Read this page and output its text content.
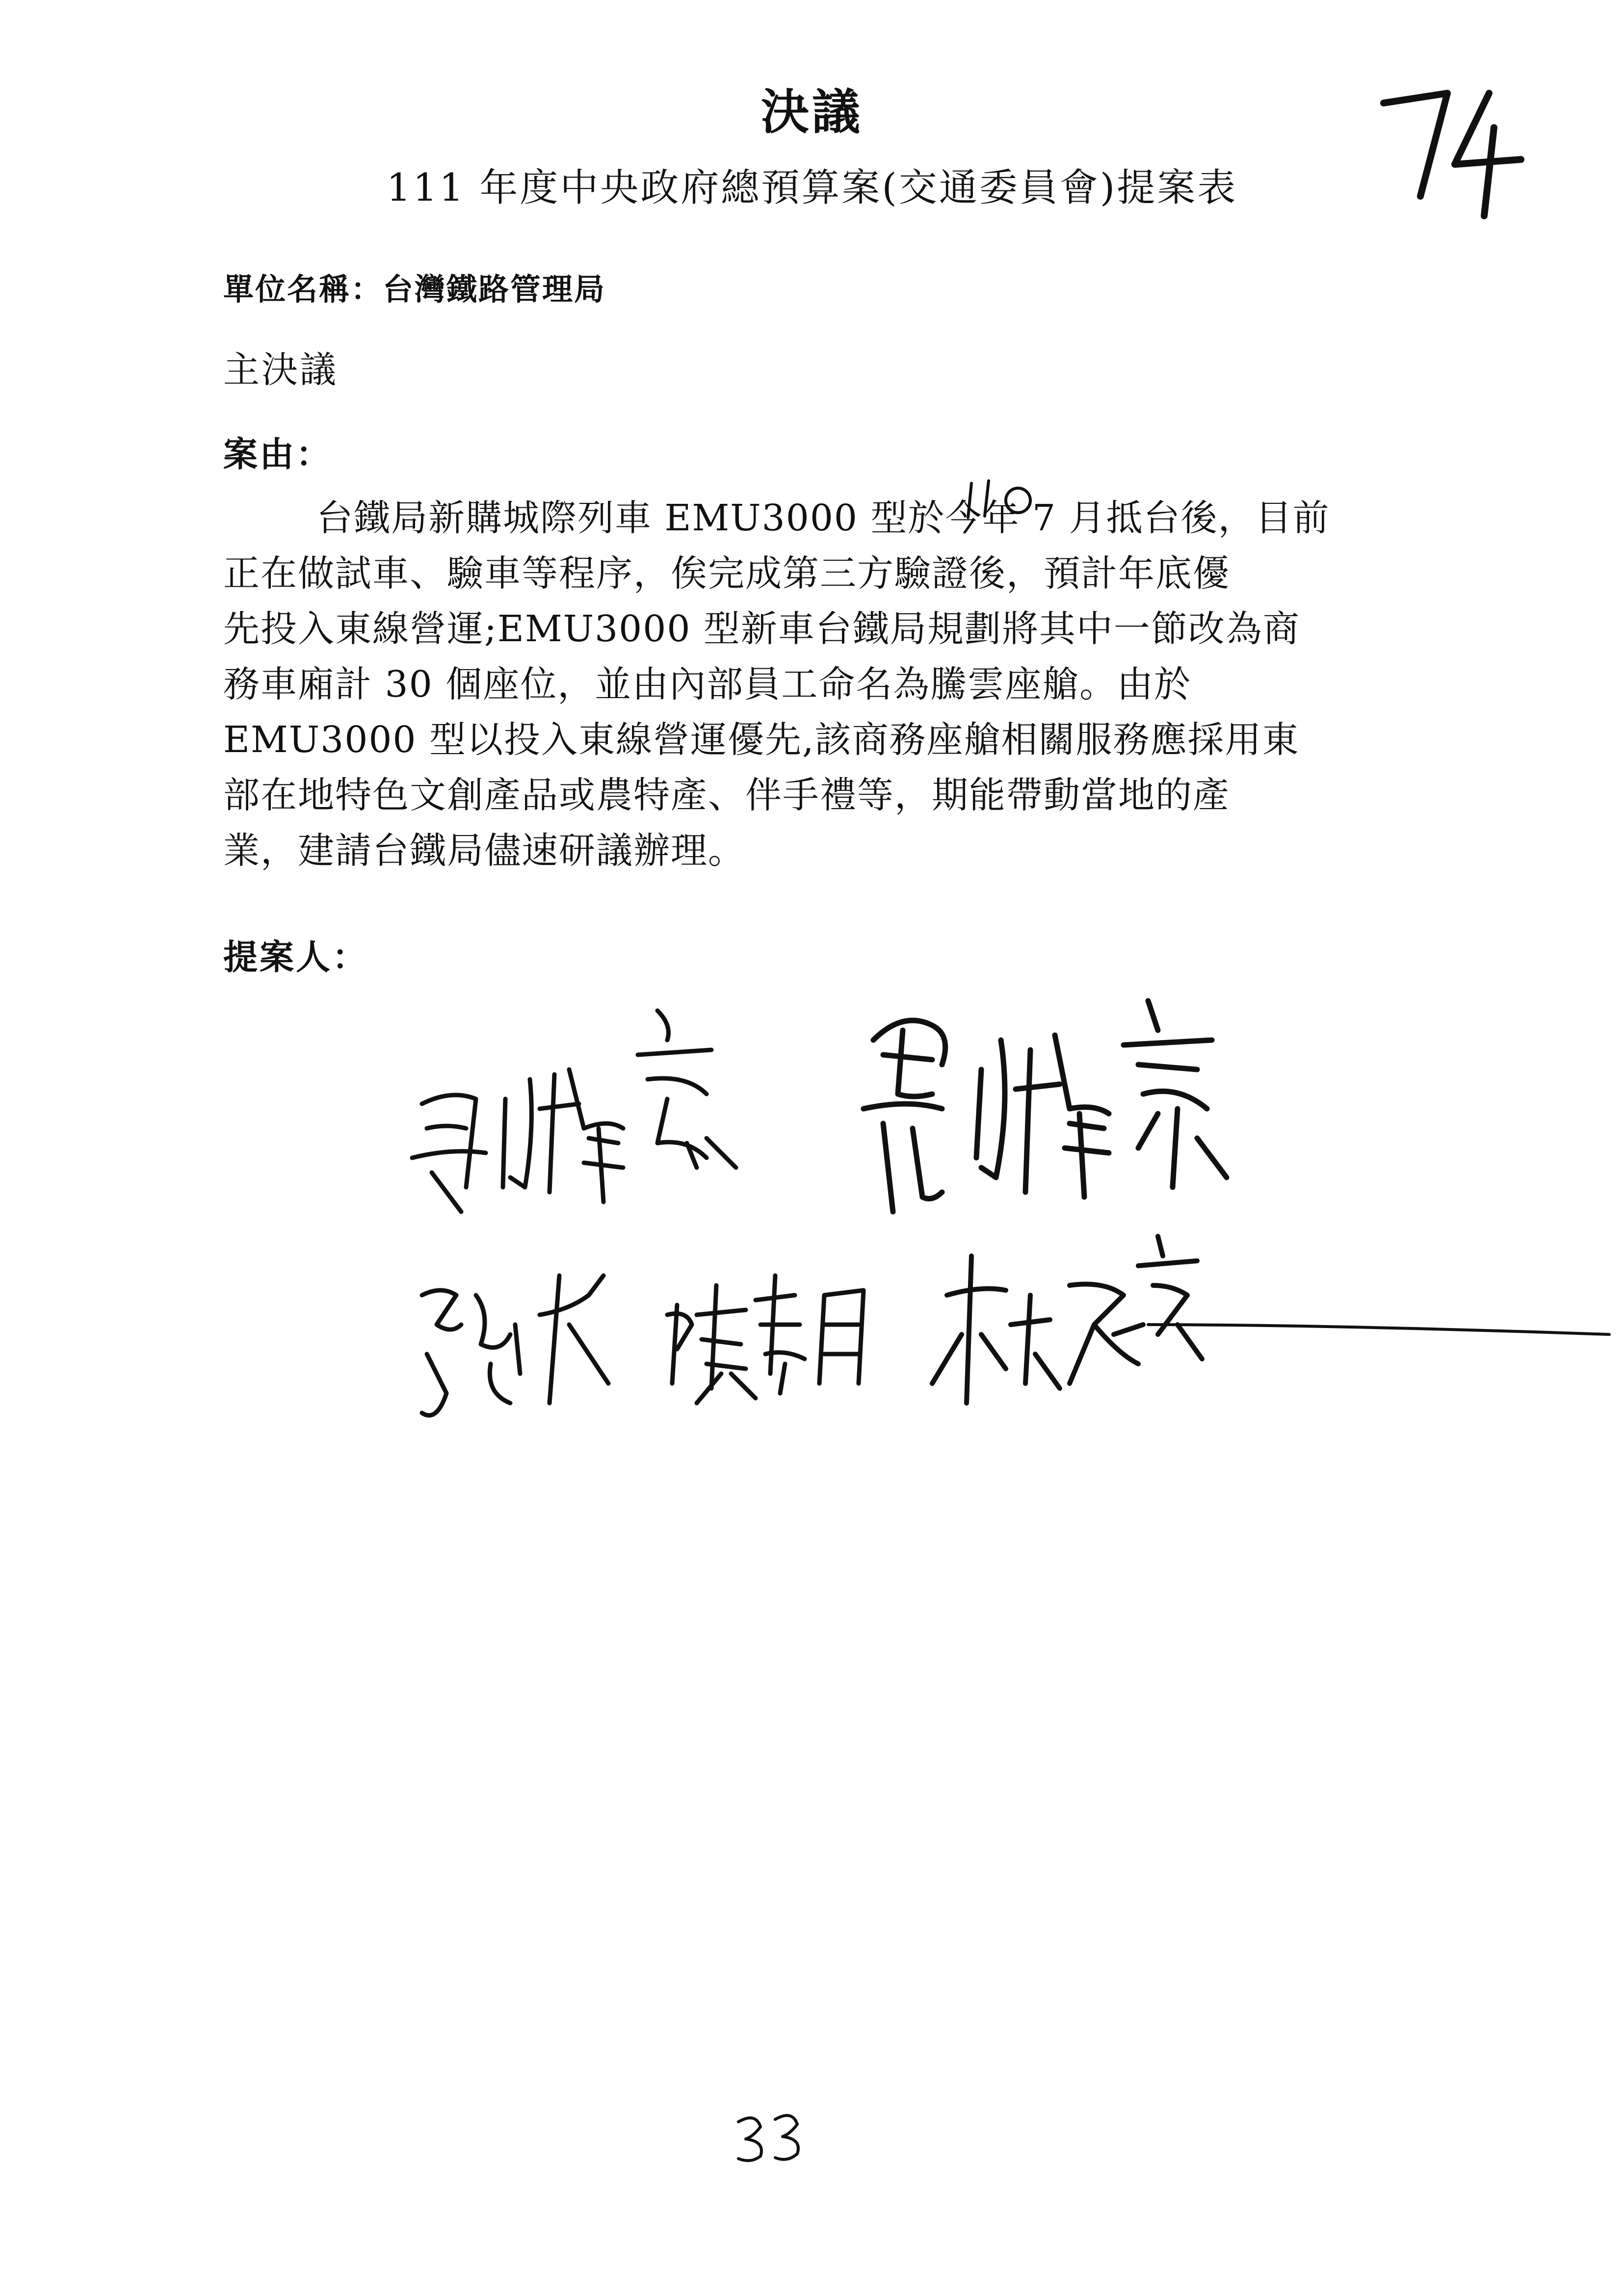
決議
111 年度中央政府總預算案(交通委員會)提案表
單位名稱：台灣鐵路管理局
主決議
案由：
台鐵局新購城際列車 EMU3000 型於今年 7 月抵台後，目前
正在做試車、驗車等程序，俟完成第三方驗證後，預計年底優
先投入東線營運;EMU3000 型新車台鐵局規劃將其中一節改為商
務車廂計 30 個座位，並由內部員工命名為騰雲座艙。由於
EMU3000 型以投入東線營運優先,該商務座艙相關服務應採用東
部在地特色文創產品或農特產、伴手禮等，期能帶動當地的產
業，建請台鐵局儘速研議辦理。
提案人：
